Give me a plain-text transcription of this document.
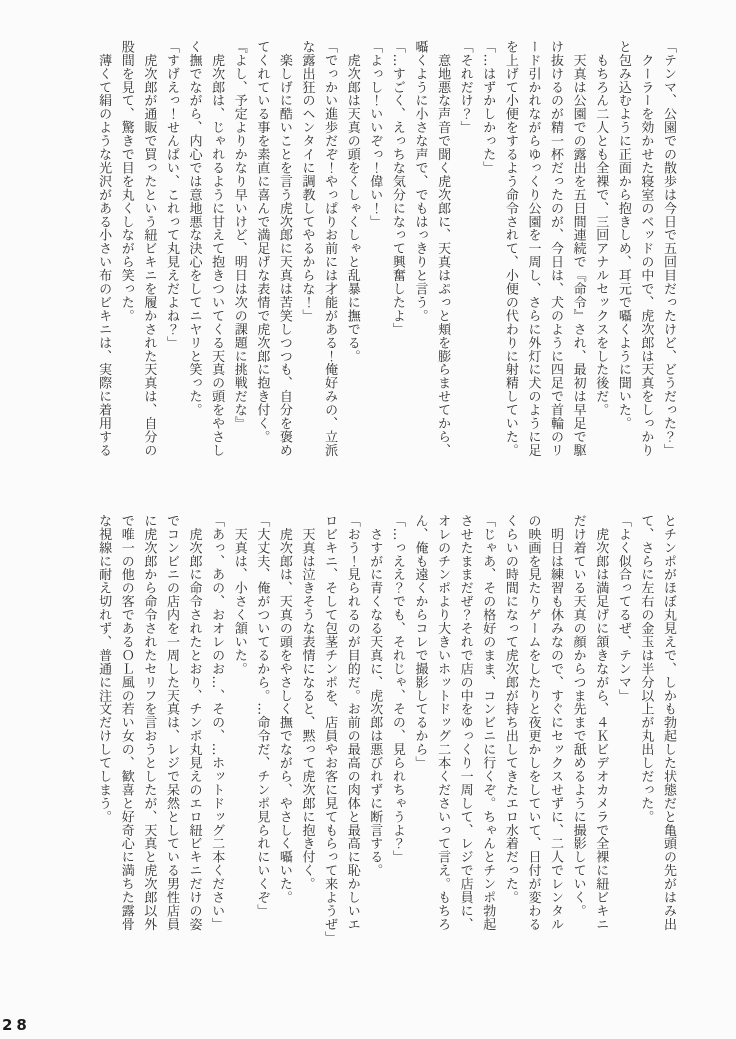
「テンマ、公園での散歩は今日で五回目だったけど、どうだった？」

　クーラーを効かせた寝室のベッドの中で、虎次郎は天真をしっかり

と包み込むように正面から抱きしめ、耳元で囁くように聞いた。

　もちろん二人とも全裸で、三回アナルセックスをした後だ。

　天真は公園での露出を五日間連続で『命令』され、最初は早足で駆

け抜けるのが精一杯だったのが、今日は、犬のように四足で首輪のリ

ード引かれながらゆっくり公園を一周し、さらに外灯に犬のように足

を上げて小便をするよう命令されて、小便の代わりに射精していた。

「…はずかしかった」

「それだけ？」

　意地悪な声音で聞く虎次郎に、天真はぷっと頬を膨らませてから、

囁くように小さな声で、でもはっきりと言う。

「…すごく、えっちな気分になって興奮したよ」

「よっし！いいぞっ！偉い！」

　虎次郎は天真の頭をくしゃくしゃと乱暴に撫でる。

「でっかい進歩だぞ！やっぱりお前には才能がある！俺好みの、立派

な露出狂のヘンタイに調教してやるからな！」

　楽しげに酷いことを言う虎次郎に天真は苦笑しつつも、自分を褒め

てくれている事を素直に喜んで満足げな表情で虎次郎に抱き付く。

『よし、予定よりかなり早いけど、明日は次の課題に挑戦だな』

　虎次郎は、じゃれるように甘えて抱きついてくる天真の頭をやさし

く撫でながら、内心では意地悪な決心をしてニヤリと笑った。

「すげえっ！せんぱい、これって丸見えだよね？」

　虎次郎が通販で買ったという紐ビキニを履かされた天真は、自分の

股間を見て、驚きで目を丸くしながら笑った。

　薄くて絹のような光沢がある小さい布のビキニは、実際に着用する

とチンポがほぼ丸見えで、しかも勃起した状態だと亀頭の先がはみ出

て、さらに左右の金玉は半分以上が丸出しだった。

「よく似合ってるぜ、テンマ」

　虎次郎は満足げに頷きながら、４Ｋビデオカメラで全裸に紐ビキニ

だけ着ている天真の顔からつま先まで舐めるように撮影していく。

　明日は練習も休みなので、すぐにセックスせずに、二人でレンタル

の映画を見たりゲームをしたりと夜更かしをしていて、日付が変わる

くらいの時間になって虎次郎が持ち出してきたエロ水着だった。

「じゃあ、その格好のまま、コンビニに行くぞ。ちゃんとチンポ勃起

させたままだぜ？それで店の中をゆっくり一周して、レジで店員に、

オレのチンポより大きいホットドッグ二本くださいって言え。もちろ

ん、俺も遠くからコレで撮影してるから」

「…っええ？でも、それじゃ、その、見られちゃうよ？」

　さすがに青くなる天真に、虎次郎は悪びれずに断言する。

「おう！見られるのが目的だ。お前の最高の肉体と最高に恥かしいエ

ロビキニ、そして包茎チンポを、店員やお客に見てもらって来ようぜ」

　天真は泣きそうな表情になると、黙って虎次郎に抱き付く。

　虎次郎は、天真の頭をやさしく撫でながら、やさしく囁いた。

「大丈夫、俺がついてるから。…命令だ、チンポ見られにいくぞ」

　天真は、小さく頷いた。

「あっ、あの、おオレのお…、その、…ホットドッグ二本ください」

　虎次郎に命令されたとおり、チンポ丸見えのエロ紐ビキニだけの姿

でコンビニの店内を一周した天真は、レジで呆然としている男性店員

に虎次郎から命令されたセリフを言おうとしたが、天真と虎次郎以外

で唯一の他の客であるＯＬ風の若い女の、歓喜と好奇心に満ちた露骨

な視線に耐え切れず、普通に注文だけしてしまう。

28
